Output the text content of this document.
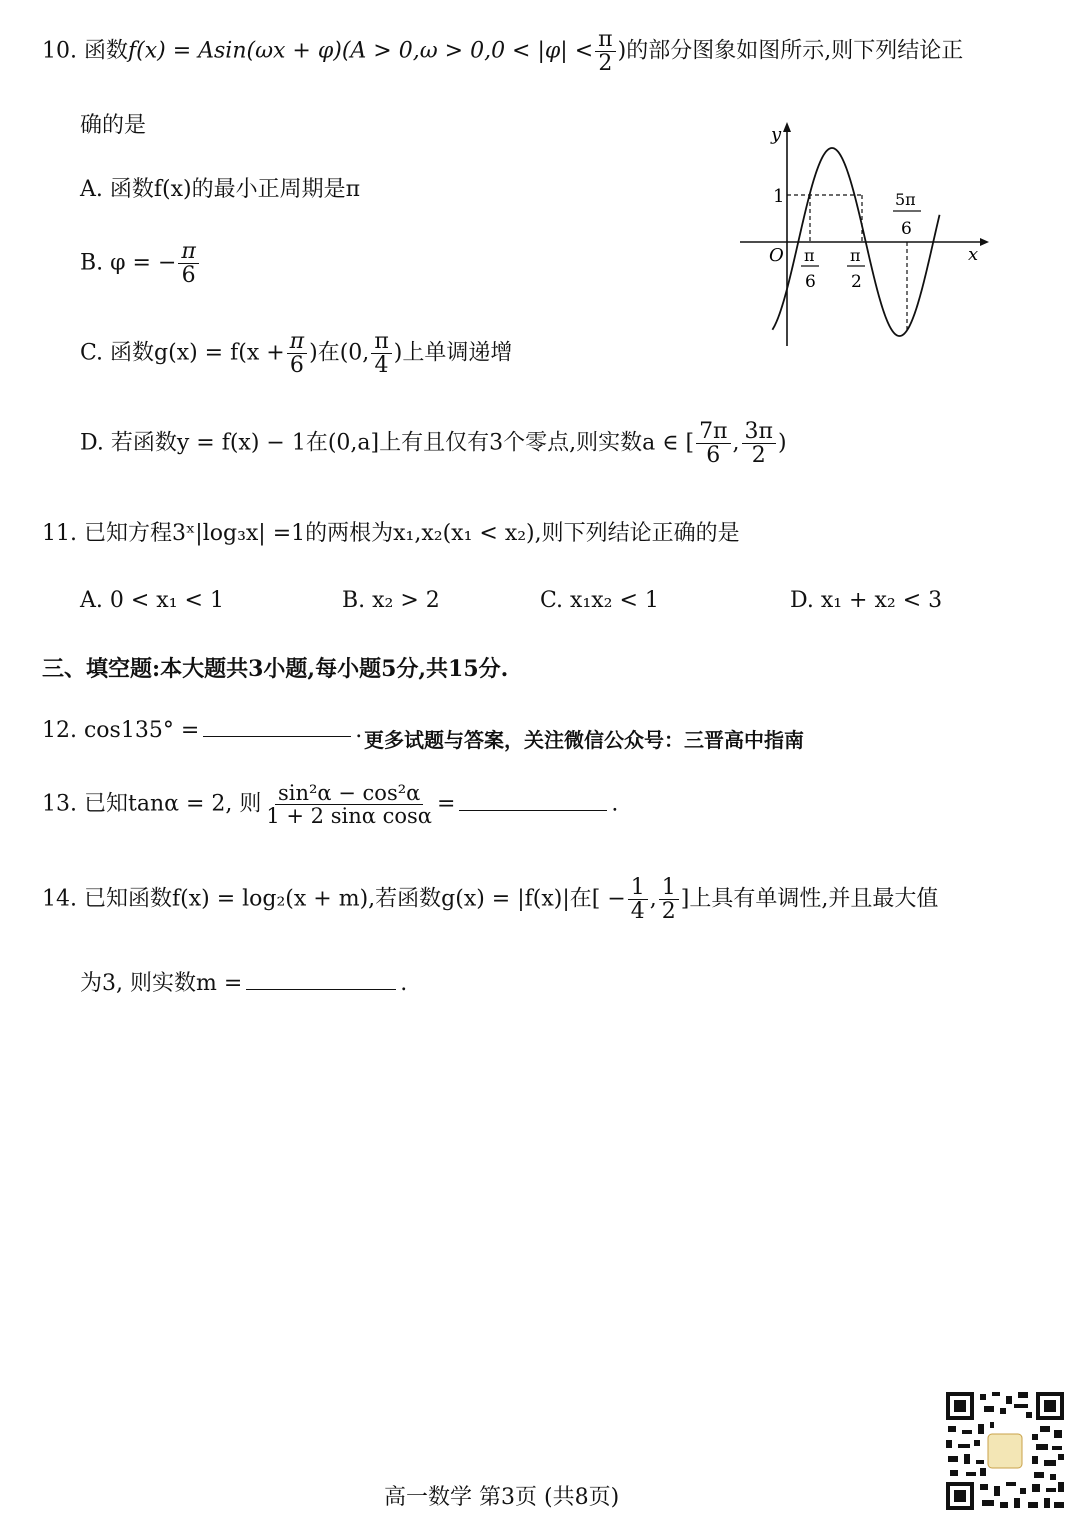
10. 函数$f(x) = Asin(\omega x + \varphi)(A > 0,\omega > 0,0 < |\varphi| < \frac{\pi}{2}$ )的部分图象如图所示,则下列结论正
确的是
A. 函数f(x)的最小正周期是π
B. φ = − $\frac{\pi}{6}$
C. 函数$g(x) = f(x + \frac{\pi}{6}$ )在(0, $\frac{\pi}{4}$ )上单调递增
D. 若函数y = f(x) − 1在(0,a]上有且仅有3个零点,则实数a ∈ [ $\frac{7\pi}{6}$ , $\frac{3\pi}{2}$ )
y
x
O
1
π
6
π
2
5π
6
11. 已知方程3ˣ|log₃x| =1的两根为x₁,x₂(x₁ < x₂),则下列结论正确的是
A. 0 < x₁ < 1	B. x₂ > 2	C. x₁x₂ < 1	D. x₁ + x₂ < 3
三、填空题:本大题共3小题,每小题5分,共15分.
12. cos135° =	. 更多试题与答案，关注微信公众号：三晋高中指南
13. 已知tanα = 2, 则 $\frac{\text{sin²α − cos²α}}{\text{1 + 2 sinα cosα}}$ =	.
14. 已知函数f(x) = log₂(x + m),若函数g(x) = |f(x)|在[ − $\frac{1}{4}$ , $\frac{1}{2}$ ]上具有单调性,并且最大值
为3, 则实数m =	.
高一数学 第3页 (共8页)
